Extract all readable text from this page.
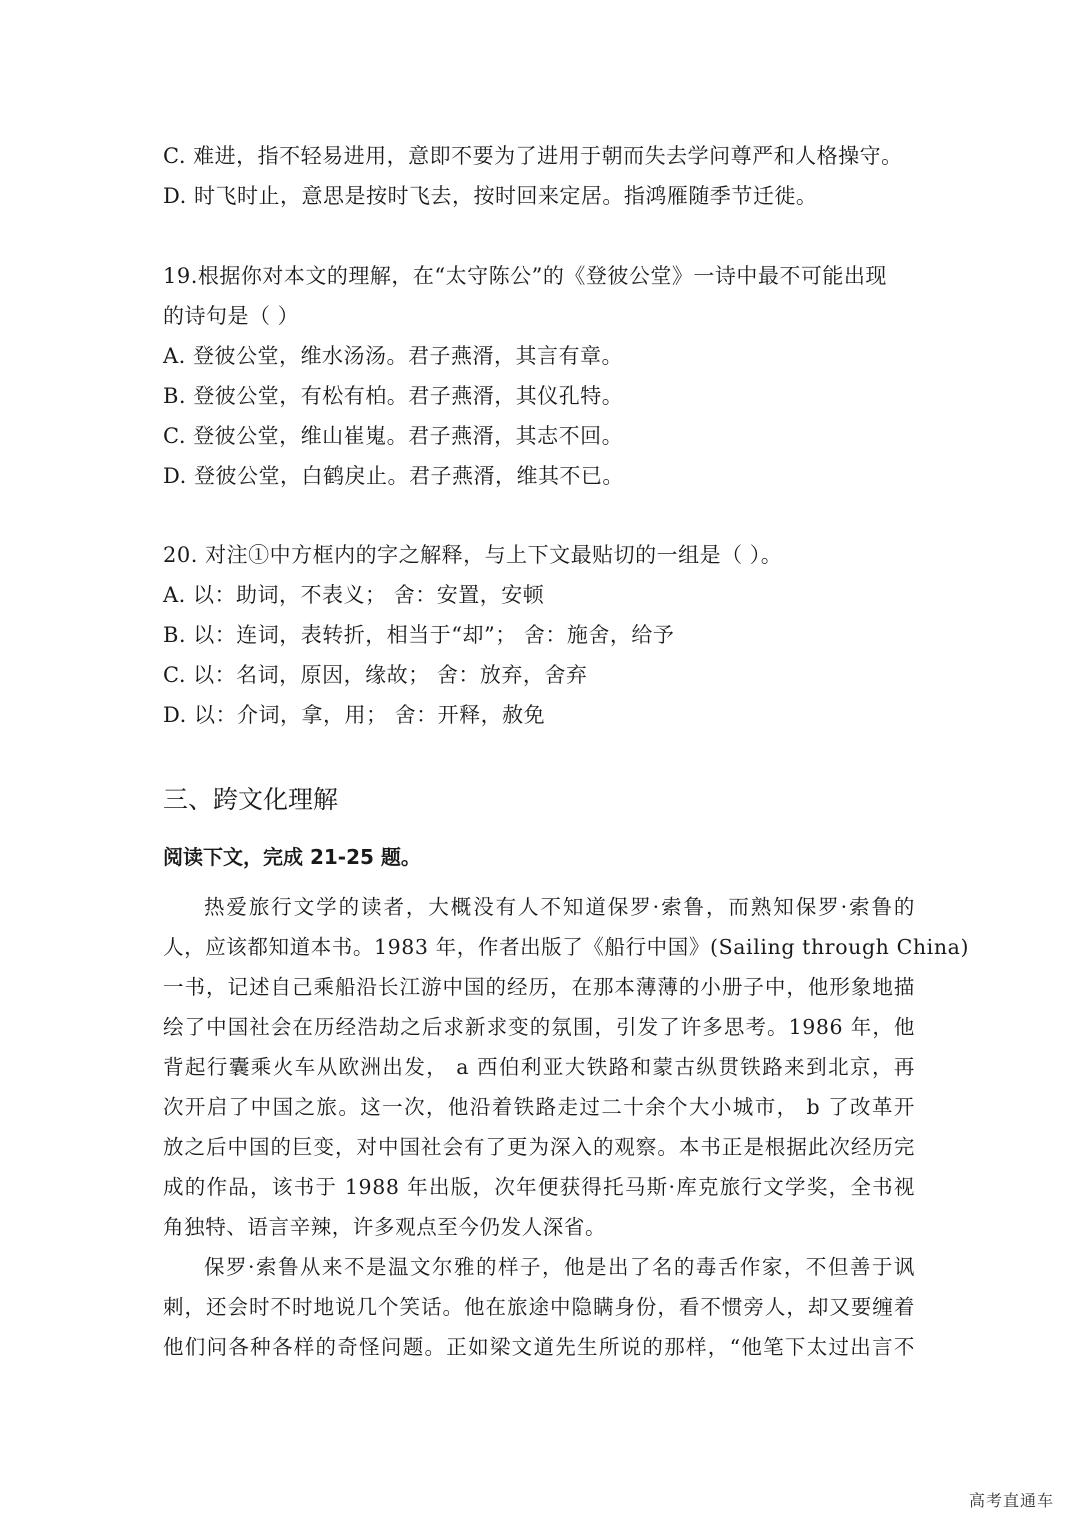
C. 难进，指不轻易进用，意即不要为了进用于朝而失去学问尊严和人格操守。
D. 时飞时止，意思是按时飞去，按时回来定居。指鸿雁随季节迁徙。
19.根据你对本文的理解，在“太守陈公”的《登彼公堂》一诗中最不可能出现
的诗句是（ ）
A. 登彼公堂，维水汤汤。君子燕湑，其言有章。
B. 登彼公堂，有松有柏。君子燕湑，其仪孔特。
C. 登彼公堂，维山崔嵬。君子燕湑，其志不回。
D. 登彼公堂，白鹤戾止。君子燕湑，维其不已。
20. 对注①中方框内的字之解释，与上下文最贴切的一组是（ ）。
A. 以：助词，不表义； 舍：安置，安顿
B. 以：连词，表转折，相当于“却”； 舍：施舍，给予
C. 以：名词，原因，缘故； 舍：放弃，舍弃
D. 以：介词，拿，用； 舍：开释，赦免
三、跨文化理解
阅读下文，完成 21-25 题。
热爱旅行文学的读者，大概没有人不知道保罗·索鲁，而熟知保罗·索鲁的
人，应该都知道本书。1983 年，作者出版了《船行中国》(Sailing through China)
一书，记述自己乘船沿长江游中国的经历，在那本薄薄的小册子中，他形象地描
绘了中国社会在历经浩劫之后求新求变的氛围，引发了许多思考。1986 年，他
背起行囊乘火车从欧洲出发， a 西伯利亚大铁路和蒙古纵贯铁路来到北京，再
次开启了中国之旅。这一次，他沿着铁路走过二十余个大小城市， b 了改革开
放之后中国的巨变，对中国社会有了更为深入的观察。本书正是根据此次经历完
成的作品，该书于 1988 年出版，次年便获得托马斯·库克旅行文学奖，全书视
角独特、语言辛辣，许多观点至今仍发人深省。
保罗·索鲁从来不是温文尔雅的样子，他是出了名的毒舌作家，不但善于讽
刺，还会时不时地说几个笑话。他在旅途中隐瞒身份，看不惯旁人，却又要缠着
他们问各种各样的奇怪问题。正如梁文道先生所说的那样，“他笔下太过出言不
高考直通车
